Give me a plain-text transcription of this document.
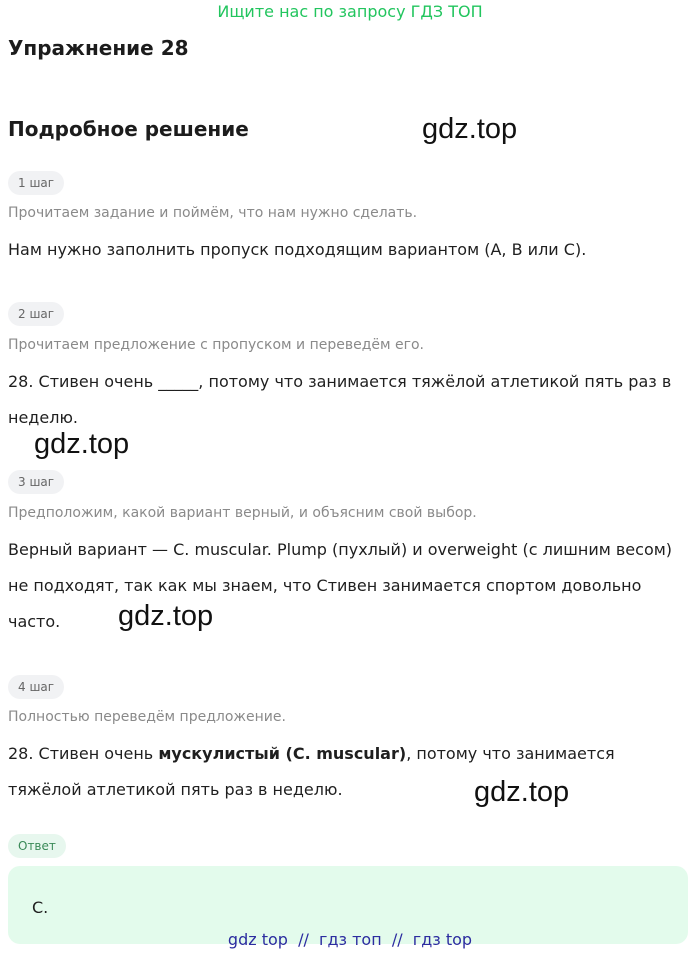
Ищите нас по запросу ГДЗ ТОП
Упражнение 28
Подробное решение	gdz.top
1 шаг
Прочитаем задание и поймём, что нам нужно сделать.
Нам нужно заполнить пропуск подходящим вариантом (A, B или C).
2 шаг
Прочитаем предложение с пропуском и переведём его.
28. Стивен очень _____, потому что занимается тяжёлой атлетикой пять раз в неделю.
gdz.top
3 шаг
Предположим, какой вариант верный, и объясним свой выбор.
Верный вариант — C. muscular. Plump (пухлый) и overweight (с лишним весом) не подходят, так как мы знаем, что Стивен занимается спортом довольно часто.	gdz.top
4 шаг
Полностью переведём предложение.
28. Стивен очень мускулистый (C. muscular), потому что занимается тяжёлой атлетикой пять раз в неделю.	gdz.top
Ответ
C.
gdz top  //  гдз топ  //  гдз top
